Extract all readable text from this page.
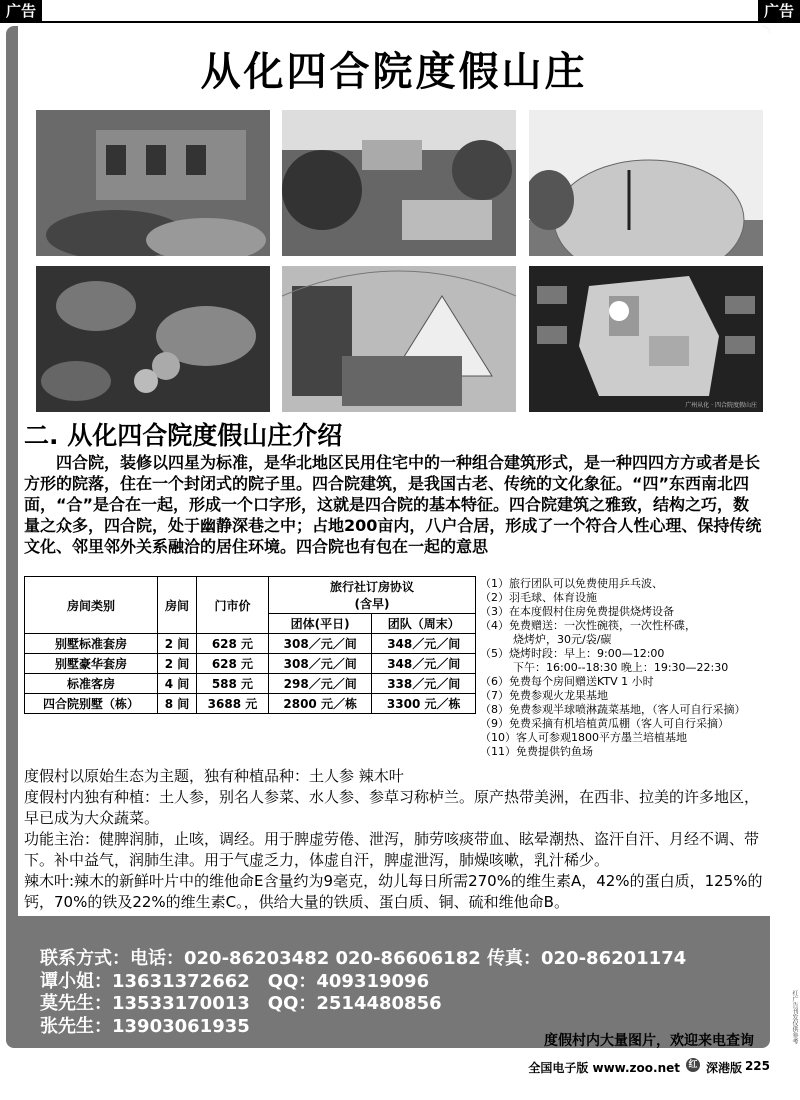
广告	广告
从化四合院度假山庄
广州从化 · 四合院度假山庄
二. 从化四合院度假山庄介绍
四合院，装修以四星为标准，是华北地区民用住宅中的一种组合建筑形式，是一种四四方方或者是长方形的院落，住在一个封闭式的院子里。四合院建筑，是我国古老、传统的文化象征。“四”东西南北四面，“合”是合在一起，形成一个口字形，这就是四合院的基本特征。四合院建筑之雅致，结构之巧，数量之众多，四合院，处于幽静深巷之中；占地200亩内，八户合居，形成了一个符合人性心理、保持传统文化、邻里邻外关系融洽的居住环境。四合院也有包在一起的意思
房间类别	房间	门市价	旅行社订房协议
(含早)	
			团体(平日)	团队（周末）
别墅标准套房	2 间	628 元	308／元／间	348／元／间
别墅豪华套房	2 间	628 元	308／元／间	348／元／间
标准客房	4 间	588 元	298／元／间	338／元／间
四合院别墅（栋）	8 间	3688 元	2800 元／栋	3300 元／栋
（1）旅行团队可以免费使用乒乓波、
（2）羽毛球、体育设施
（3）在本度假村住房免费提供烧烤设备
（4）免费赠送：一次性碗筷，一次性杯碟，
　　　烧烤炉，30元/袋/碳
（5）烧烤时段：早上：9:00—12:00
　　　下午：16:00--18:30 晚上：19:30—22:30
（6）免费每个房间赠送KTV 1 小时
（7）免费参观火龙果基地
（8）免费参观半球喷淋蔬菜基地，（客人可自行采摘）
（9）免费采摘有机培植黄瓜棚（客人可自行采摘）
（10）客人可参观1800平方墨兰培植基地
（11）免费提供钓鱼场
度假村以原始生态为主题，独有种植品种：土人参 辣木叶
度假村内独有种植：土人参，别名人参菜、水人参、参草习称栌兰。原产热带美洲，在西非、拉美的许多地区，早已成为大众蔬菜。
功能主治：健脾润肺，止咳，调经。用于脾虚劳倦、泄泻，肺劳咳痰带血、眩晕潮热、盗汗自汗、月经不调、带下。补中益气，润肺生津。用于气虚乏力，体虚自汗，脾虚泄泻，肺燥咳嗽，乳汁稀少。
辣木叶:辣木的新鲜叶片中的维他命E含量约为9毫克，幼儿每日所需270%的维生素A，42%的蛋白质，125%的钙，70%的铁及22%的维生素C。，供给大量的铁质、蛋白质、铜、硫和维他命B。
联系方式：电话：020-86203482 020-86606182 传真：020-86201174
谭小姐：13631372662　QQ：409319096
莫先生：13533170013　QQ：2514480856
张先生：13903061935
度假村内大量图片，欢迎来电查询	红广告刊发仅供参考
全国电子版 www.zoo.net 红 深港版 225
